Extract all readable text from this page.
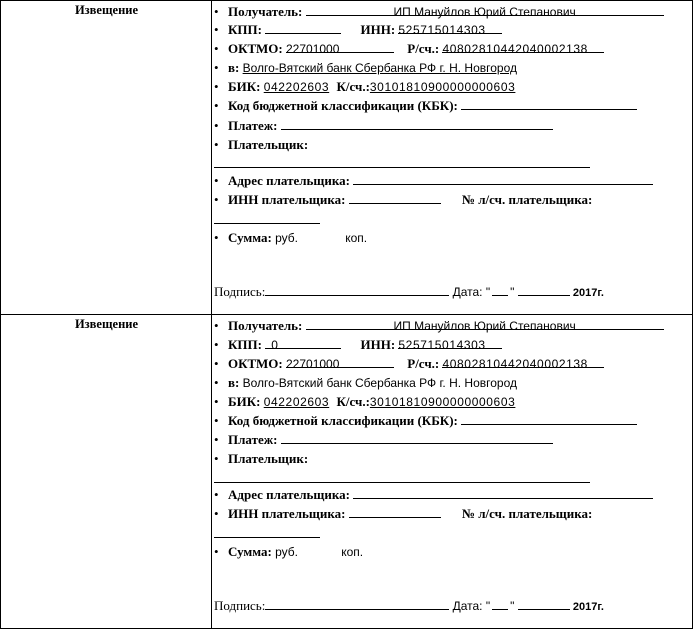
Извещение	• Получатель:	ИП Мануйлов Юрий Степанович
• КПП:	ИНН: 525715014303
• ОКТМО: 22701000	Р/сч.: 40802810442040002138
• в: Волго-Вятский банк Сбербанка РФ г. Н. Новгород
• БИК: 042202603 К/сч.:30101810900000000603
• Код бюджетной классификации (КБК):
• Платеж:
• Плательщик:
• Адрес плательщика:
• ИНН плательщика:	№ л/сч. плательщика:
• Сумма: руб.	коп.
Подпись:	Дата: " "	2017г.
Извещение	• Получатель:	ИП Мануйлов Юрий Степанович
• КПП: 0	ИНН: 525715014303
• ОКТМО: 22701000	Р/сч.: 40802810442040002138
• в: Волго-Вятский банк Сбербанка РФ г. Н. Новгород
• БИК: 042202603 К/сч.:30101810900000000603
• Код бюджетной классификации (КБК):
• Платеж:
• Плательщик:
• Адрес плательщика:
• ИНН плательщика:	№ л/сч. плательщика:
• Сумма: руб.	коп.
Подпись:	Дата: " "	2017г.
